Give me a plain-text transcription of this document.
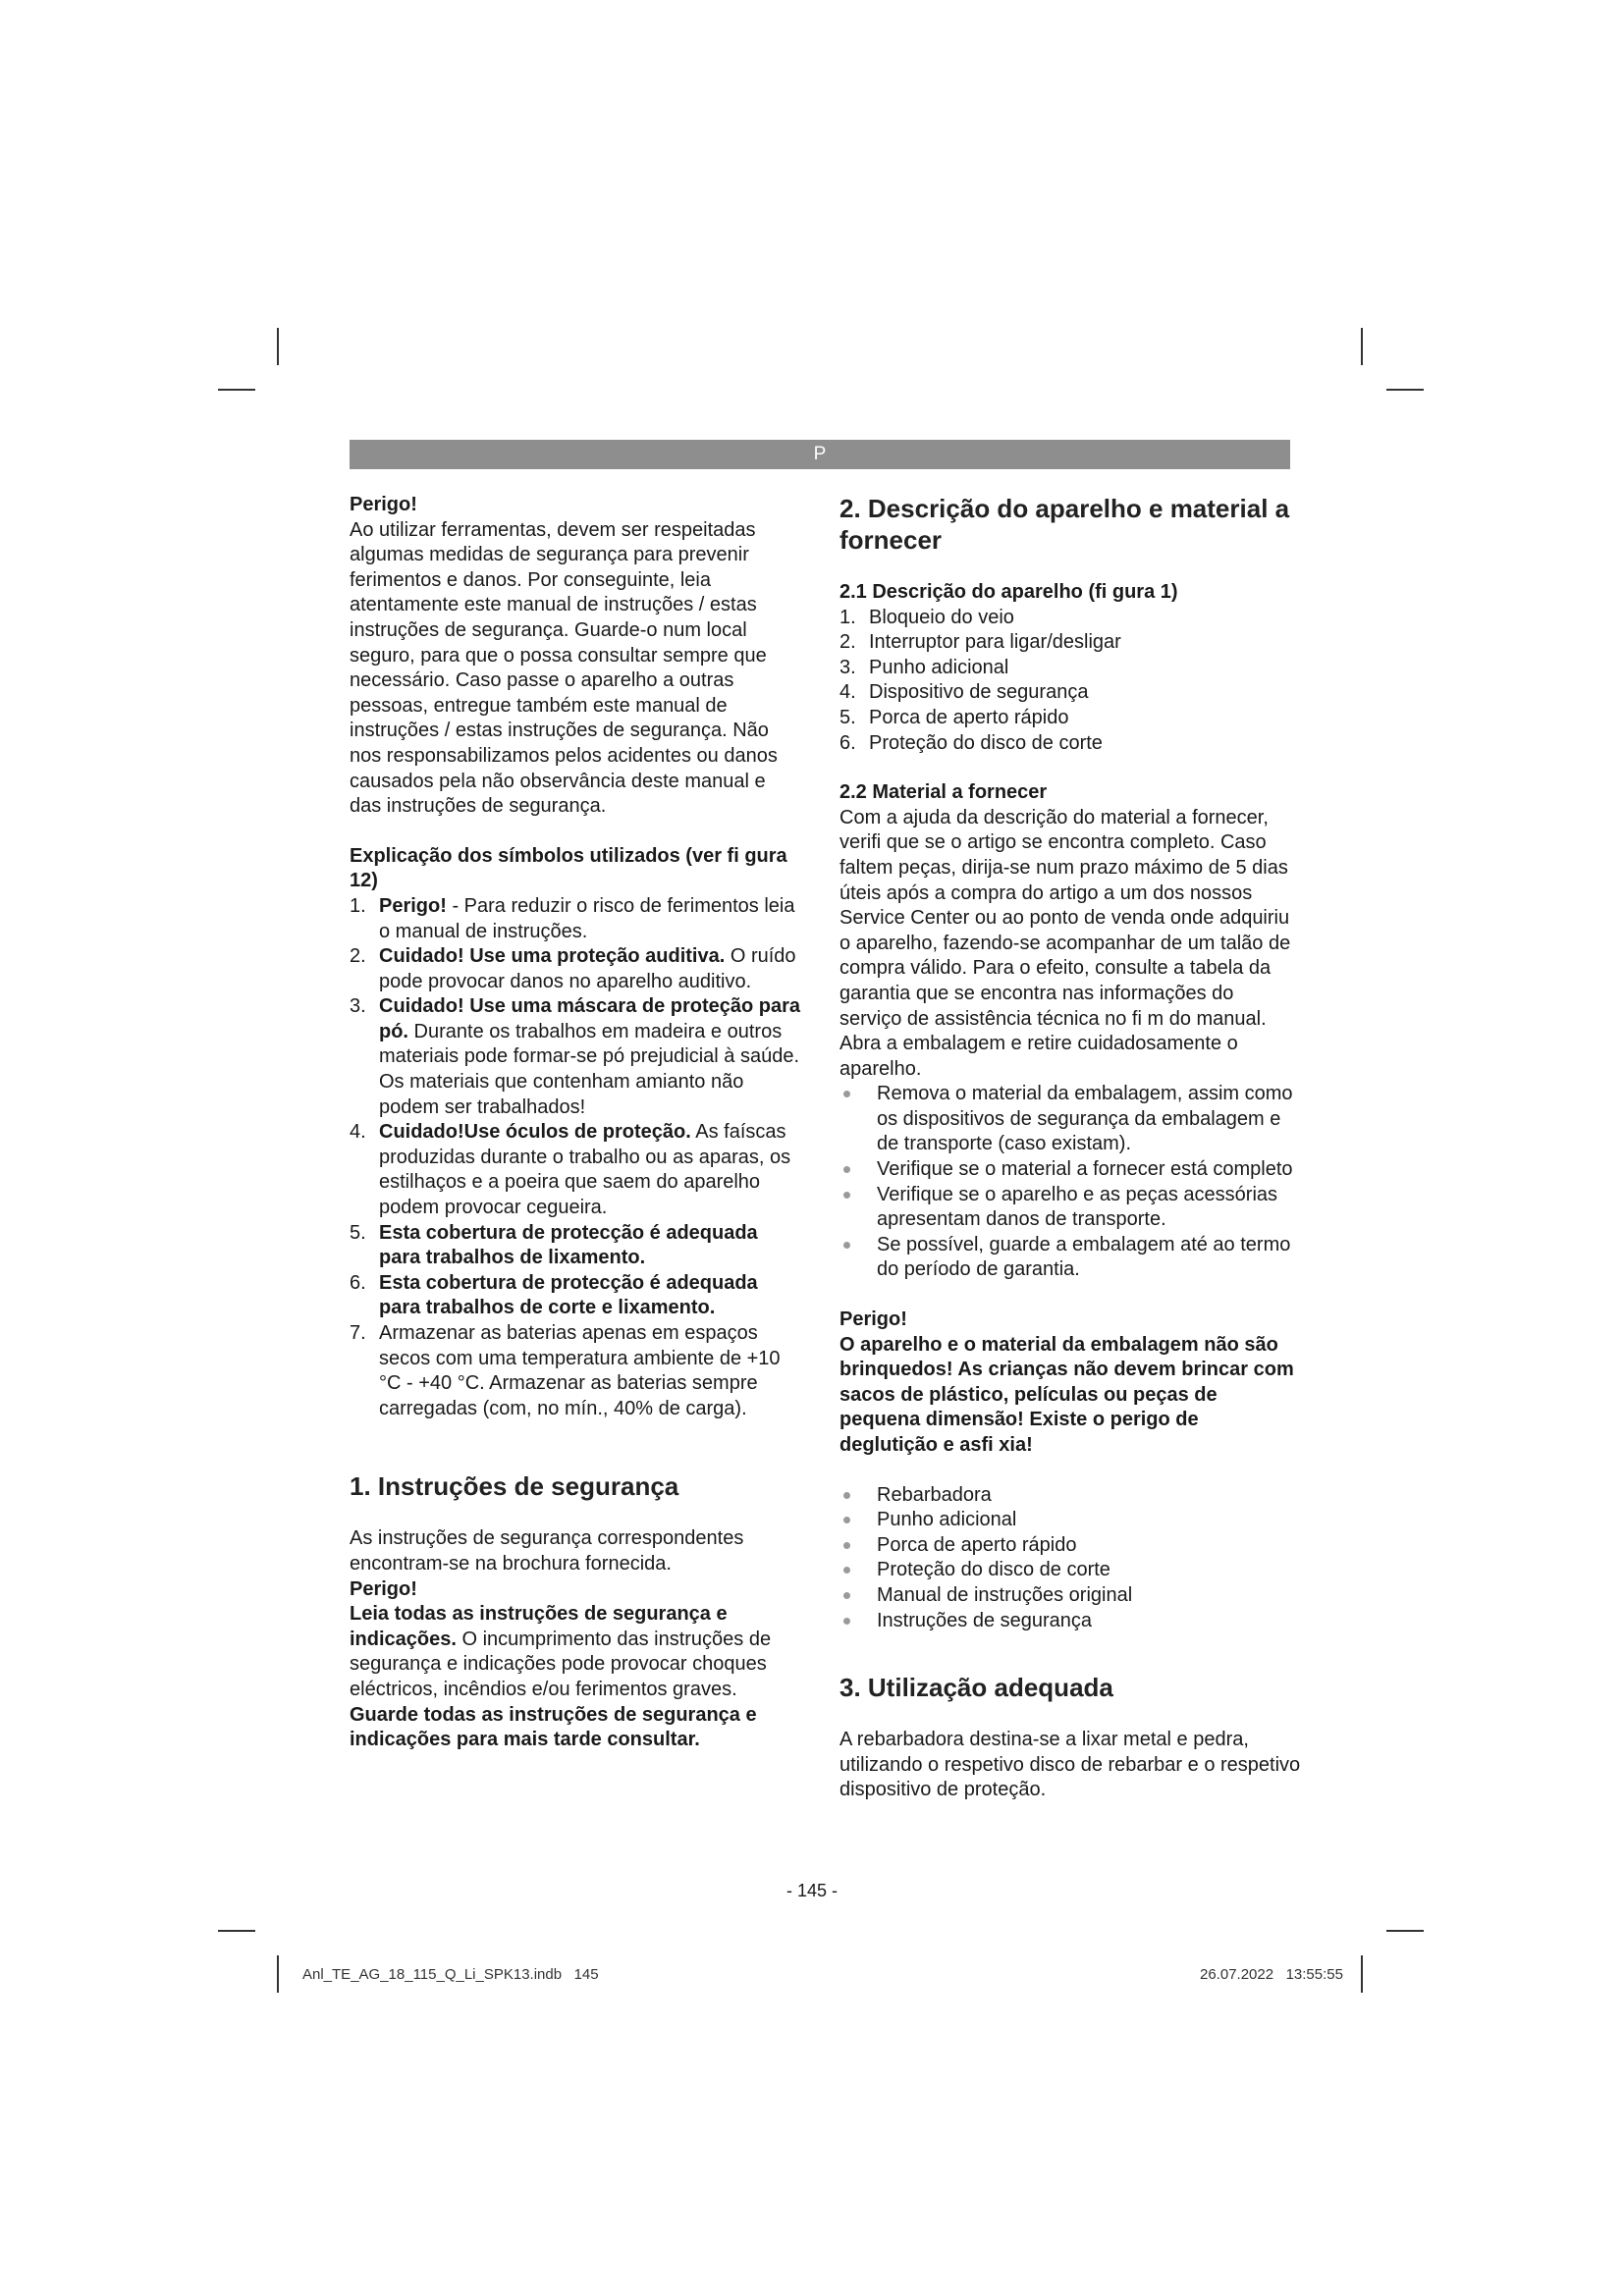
P

Perigo!

Ao utilizar ferramentas, devem ser respeitadas algumas medidas de segurança para prevenir ferimentos e danos. Por conseguinte, leia atentamente este manual de instruções / estas instruções de segurança. Guarde-o num local seguro, para que o possa consultar sempre que necessário. Caso passe o aparelho a outras pessoas, entregue também este manual de instruções / estas instruções de segurança. Não nos responsabilizamos pelos acidentes ou danos causados pela não observância deste manual e das instruções de segurança.

Explicação dos símbolos utilizados (ver fi gura 12)
1. Perigo! - Para reduzir o risco de ferimentos leia o manual de instruções.
2. Cuidado! Use uma proteção auditiva. O ruído pode provocar danos no aparelho auditivo.
3. Cuidado! Use uma máscara de proteção para pó. Durante os trabalhos em madeira e outros materiais pode formar-se pó prejudicial à saúde. Os materiais que contenham amianto não podem ser trabalhados!
4. Cuidado!Use óculos de proteção. As faíscas produzidas durante o trabalho ou as aparas, os estilhaços e a poeira que saem do aparelho podem provocar cegueira.
5. Esta cobertura de protecção é adequada para trabalhos de lixamento.
6. Esta cobertura de protecção é adequada para trabalhos de corte e lixamento.
7. Armazenar as baterias apenas em espaços secos com uma temperatura ambiente de +10 °C - +40 °C. Armazenar as baterias sempre carregadas (com, no mín., 40% de carga).
1. Instruções de segurança

As instruções de segurança correspondentes encontram-se na brochura fornecida.

Perigo!

Leia todas as instruções de segurança e indicações. O incumprimento das instruções de segurança e indicações pode provocar choques eléctricos, incêndios e/ou ferimentos graves.

Guarde todas as instruções de segurança e indicações para mais tarde consultar.

2. Descrição do aparelho e material a fornecer
2.1 Descrição do aparelho (fi gura 1)
1. Bloqueio do veio
2. Interruptor para ligar/desligar
3. Punho adicional
4. Dispositivo de segurança
5. Porca de aperto rápido
6. Proteção do disco de corte
2.2 Material a fornecer

Com a ajuda da descrição do material a fornecer, verifi que se o artigo se encontra completo. Caso faltem peças, dirija-se num prazo máximo de 5 dias úteis após a compra do artigo a um dos nossos Service Center ou ao ponto de venda onde adquiriu o aparelho, fazendo-se acompanhar de um talão de compra válido. Para o efeito, consulte a tabela da garantia que se encontra nas informações do serviço de assistência técnica no fi m do manual.

Abra a embalagem e retire cuidadosamente o aparelho.

Remova o material da embalagem, assim como os dispositivos de segurança da embalagem e de transporte (caso existam).
Verifique se o material a fornecer está completo
Verifique se o aparelho e as peças acessórias apresentam danos de transporte.
Se possível, guarde a embalagem até ao termo do período de garantia.

Perigo!

O aparelho e o material da embalagem não são brinquedos! As crianças não devem brincar com sacos de plástico, películas ou peças de pequena dimensão! Existe o perigo de deglutição e asfi xia!

Rebarbadora
Punho adicional
Porca de aperto rápido
Proteção do disco de corte
Manual de instruções original
Instruções de segurança
3. Utilização adequada

A rebarbadora destina-se a lixar metal e pedra, utilizando o respetivo disco de rebarbar e o respetivo dispositivo de proteção.

- 145 -
Anl_TE_AG_18_115_Q_Li_SPK13.indb   145	26.07.2022   13:55:55
